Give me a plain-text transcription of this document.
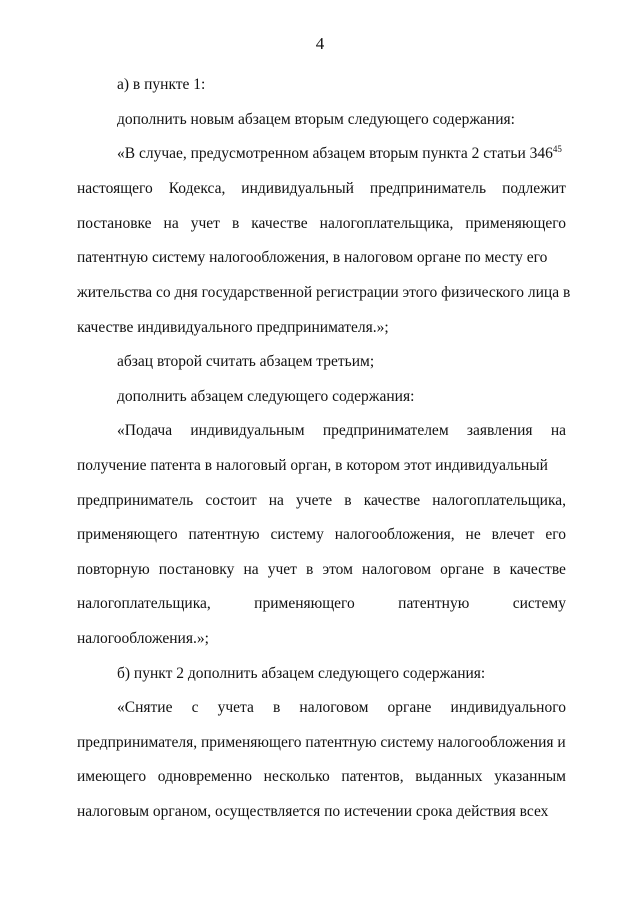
4
а) в пункте 1:
дополнить новым абзацем вторым следующего содержания:
«В случае, предусмотренном абзацем вторым пункта 2 статьи $346^{45}$
настоящего Кодекса, индивидуальный предприниматель подлежит
постановке на учет в качестве налогоплательщика, применяющего
патентную систему налогообложения, в налоговом органе по месту его
жительства со дня государственной регистрации этого физического лица в
качестве индивидуального предпринимателя.»;
абзац второй считать абзацем третьим;
дополнить абзацем следующего содержания:
«Подача индивидуальным предпринимателем заявления на
получение патента в налоговый орган, в котором этот индивидуальный
предприниматель состоит на учете в качестве налогоплательщика,
применяющего патентную систему налогообложения, не влечет его
повторную постановку на учет в этом налоговом органе в качестве
налогоплательщика,	применяющего	патентную	систему
налогообложения.»;
б) пункт 2 дополнить абзацем следующего содержания:
«Снятие с учета в налоговом органе индивидуального
предпринимателя, применяющего патентную систему налогообложения и
имеющего одновременно несколько патентов, выданных указанным
налоговым органом, осуществляется по истечении срока действия всех
